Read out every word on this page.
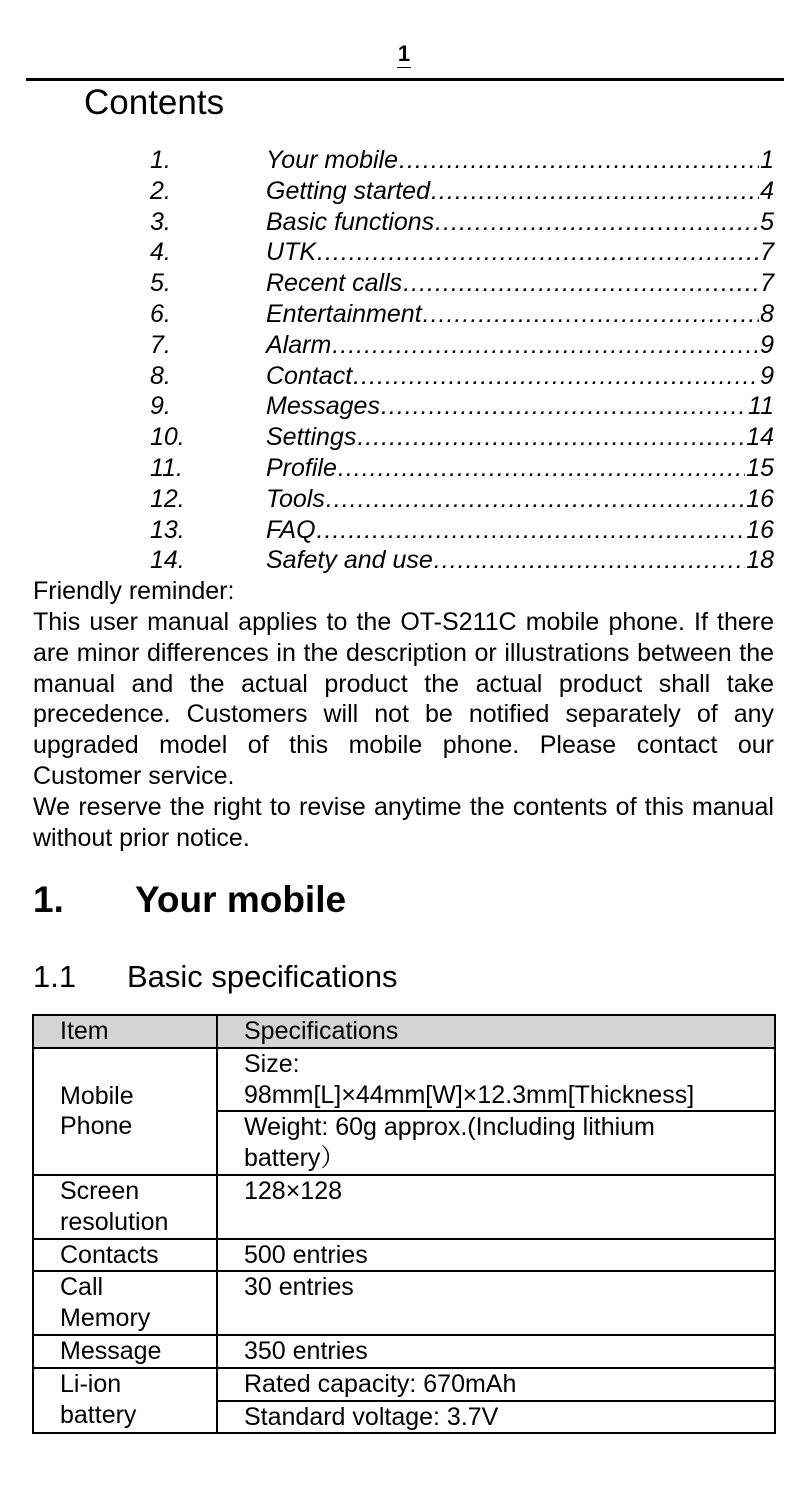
1
Contents
1.	Your mobile .....	1
2.	Getting started .....	4
3.	Basic functions .....	5
4.	UTK .....	7
5.	Recent calls .....	7
6.	Entertainment .....	8
7.	Alarm .....	9
8.	Contact .....	9
9.	Messages .....	11
10.	Settings .....	14
11.	Profile .....	15
12.	Tools .....	16
13.	FAQ .....	16
14.	Safety and use .....	18
Friendly reminder:
This user manual applies to the OT-S211C mobile phone. If there are minor differences in the description or illustrations between the manual and the actual product the actual product shall take precedence. Customers will not be notified separately of any upgraded model of this mobile phone. Please contact our Customer service.
We reserve the right to revise anytime the contents of this manual without prior notice.
1. Your mobile
1.1 Basic specifications
Item	Specifications
Mobile Phone	Size: 98mm[L]×44mm[W]×12.3mm[Thickness]
	Weight: 60g approx.(Including lithium battery）
Screen resolution	128×128
Contacts	500 entries
Call Memory	30 entries
Message	350 entries
Li-ion battery	Rated capacity: 670mAh
	Standard voltage: 3.7V
